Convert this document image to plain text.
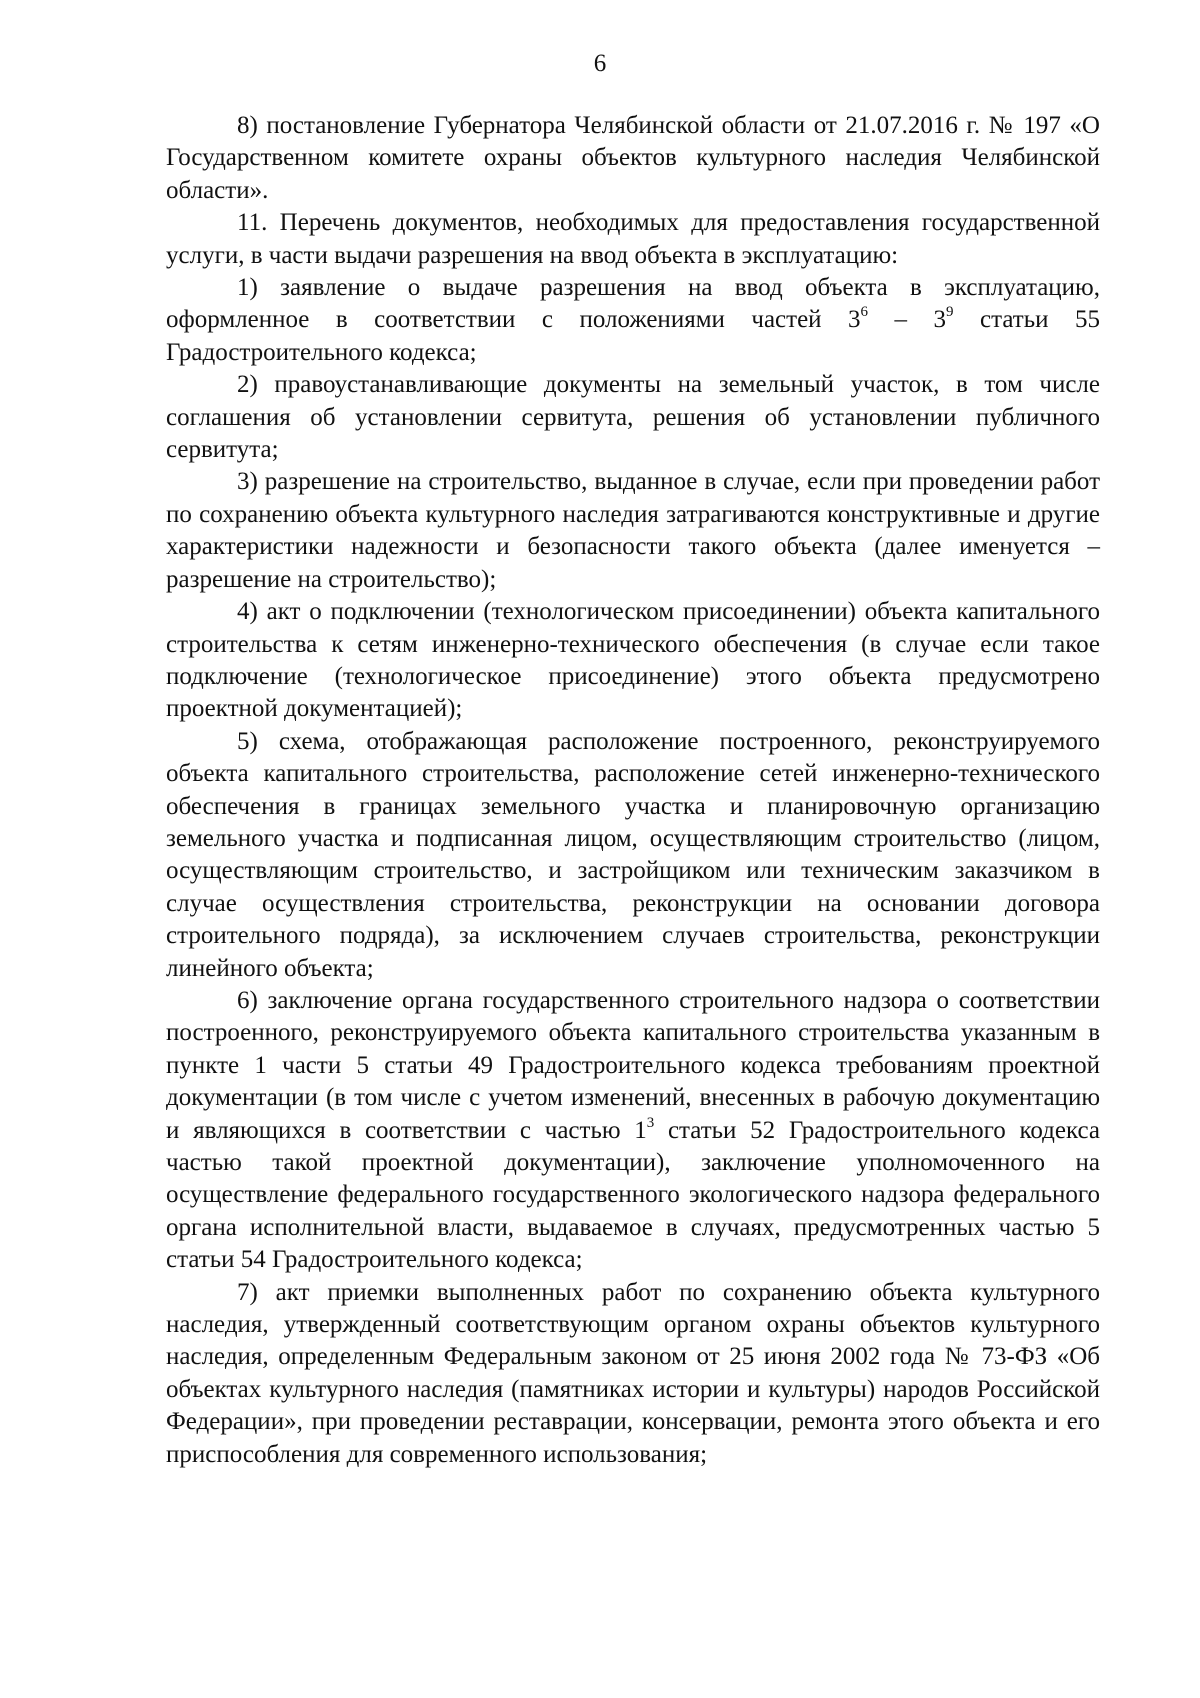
6

8) постановление Губернатора Челябинской области от 21.07.2016 г. № 197 «О Государственном комитете охраны объектов культурного наследия Челябинской области».

11. Перечень документов, необходимых для предоставления государственной услуги, в части выдачи разрешения на ввод объекта в эксплуатацию:

1) заявление о выдаче разрешения на ввод объекта в эксплуатацию, оформленное в соответствии с положениями частей $3^6 - 3^9$ статьи 55 Градостроительного кодекса;

2) правоустанавливающие документы на земельный участок, в том числе соглашения об установлении сервитута, решения об установлении публичного сервитута;

3) разрешение на строительство, выданное в случае, если при проведении работ по сохранению объекта культурного наследия затрагиваются конструктивные и другие характеристики надежности и безопасности такого объекта (далее именуется – разрешение на строительство);

4) акт о подключении (технологическом присоединении) объекта капитального строительства к сетям инженерно-технического обеспечения (в случае если такое подключение (технологическое присоединение) этого объекта предусмотрено проектной документацией);

5) схема, отображающая расположение построенного, реконструируемого объекта капитального строительства, расположение сетей инженерно-технического обеспечения в границах земельного участка и планировочную организацию земельного участка и подписанная лицом, осуществляющим строительство (лицом, осуществляющим строительство, и застройщиком или техническим заказчиком в случае осуществления строительства, реконструкции на основании договора строительного подряда), за исключением случаев строительства, реконструкции линейного объекта;

6) заключение органа государственного строительного надзора о соответствии построенного, реконструируемого объекта капитального строительства указанным в пункте 1 части 5 статьи 49 Градостроительного кодекса требованиям проектной документации (в том числе с учетом изменений, внесенных в рабочую документацию и являющихся в соответствии с частью $1^3$ статьи 52 Градостроительного кодекса частью такой проектной документации), заключение уполномоченного на осуществление федерального государственного экологического надзора федерального органа исполнительной власти, выдаваемое в случаях, предусмотренных частью 5 статьи 54 Градостроительного кодекса;

7) акт приемки выполненных работ по сохранению объекта культурного наследия, утвержденный соответствующим органом охраны объектов культурного наследия, определенным Федеральным законом от 25 июня 2002 года № 73-ФЗ «Об объектах культурного наследия (памятниках истории и культуры) народов Российской Федерации», при проведении реставрации, консервации, ремонта этого объекта и его приспособления для современного использования;
